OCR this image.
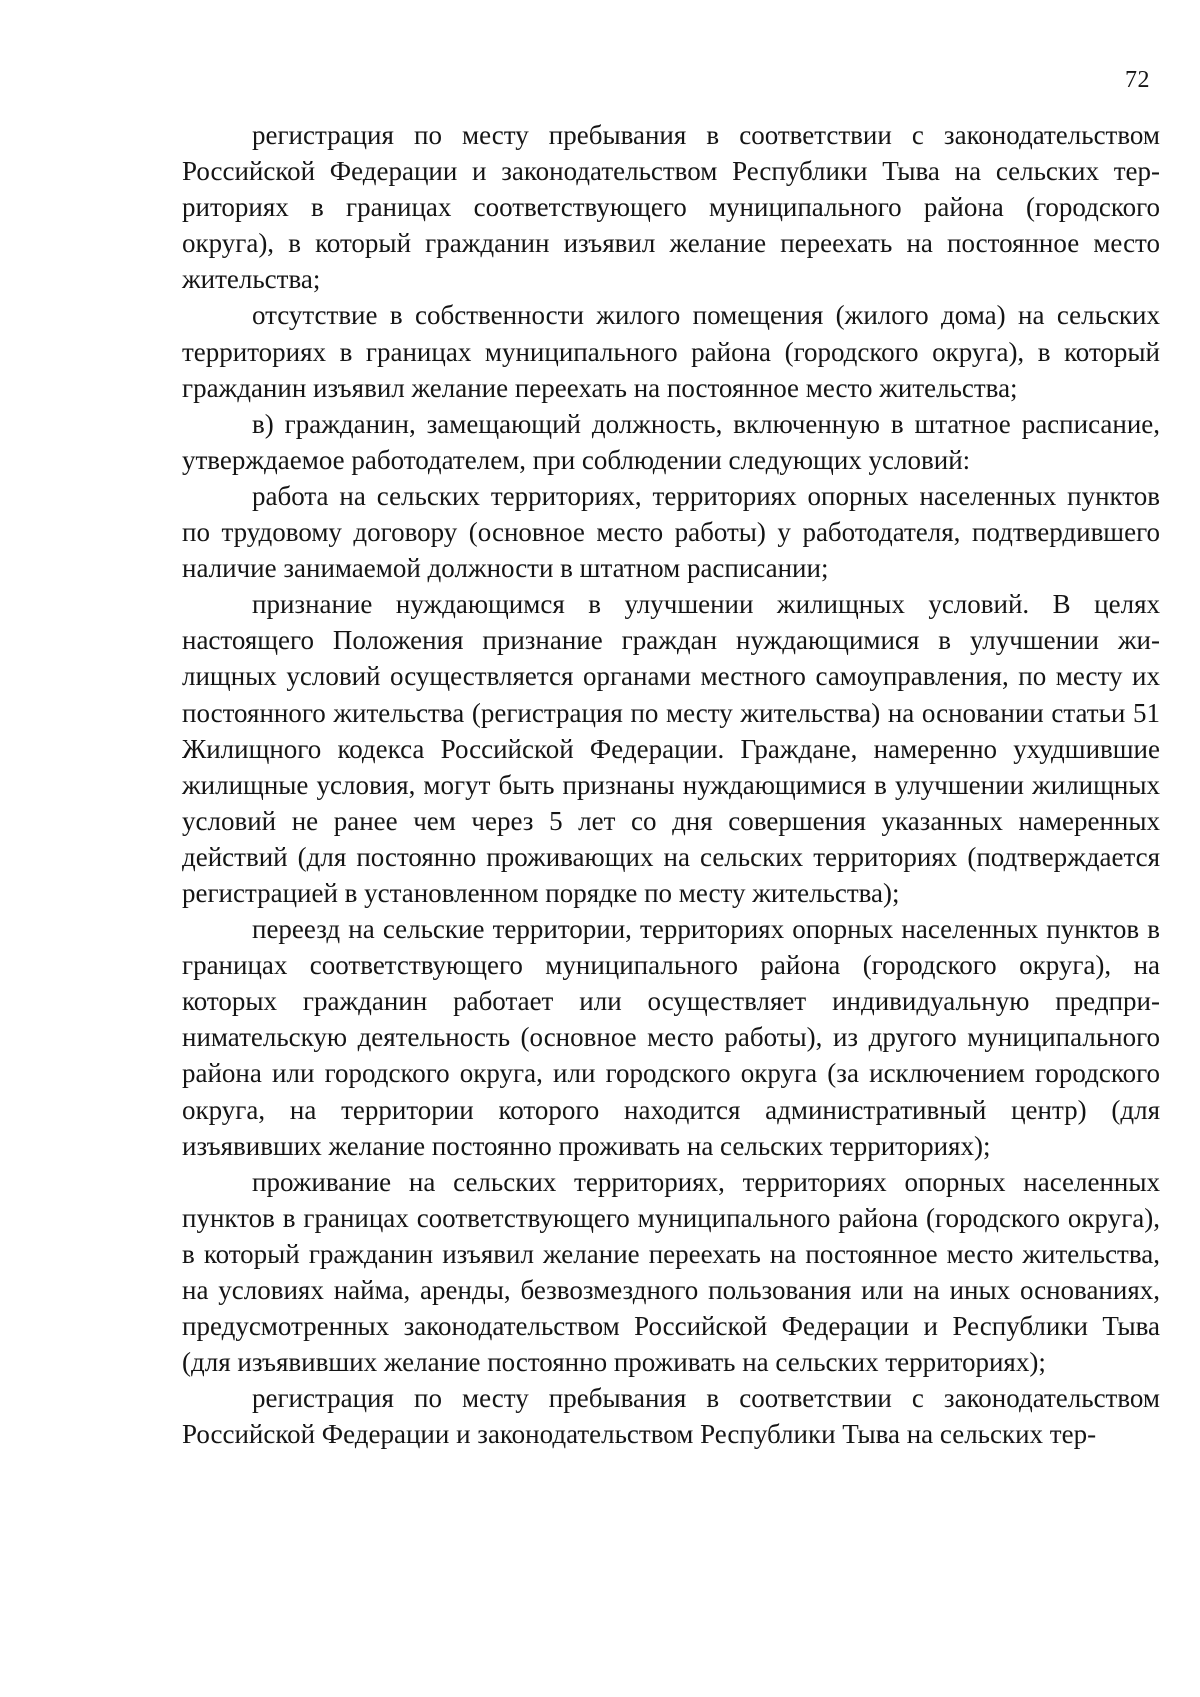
72

регистрация по месту пребывания в соответствии с законодательством Российской Федерации и законодательством Республики Тыва на сельских территориях в границах соответствующего муниципального района (городского округа), в который гражданин изъявил желание переехать на постоянное место жительства;

отсутствие в собственности жилого помещения (жилого дома) на сельских территориях в границах муниципального района (городского округа), в который гражданин изъявил желание переехать на постоянное место жительства;

в) гражданин, замещающий должность, включенную в штатное расписание, утверждаемое работодателем, при соблюдении следующих условий:

работа на сельских территориях, территориях опорных населенных пунктов по трудовому договору (основное место работы) у работодателя, подтвердившего наличие занимаемой должности в штатном расписании;

признание нуждающимся в улучшении жилищных условий. В целях настоящего Положения признание граждан нуждающимися в улучшении жилищных условий осуществляется органами местного самоуправления, по месту их постоянного жительства (регистрация по месту жительства) на основании статьи 51 Жилищного кодекса Российской Федерации. Граждане, намеренно ухудшившие жилищные условия, могут быть признаны нуждающимися в улучшении жилищных условий не ранее чем через 5 лет со дня совершения указанных намеренных действий (для постоянно проживающих на сельских территориях (подтверждается регистрацией в установленном порядке по месту жительства);

переезд на сельские территории, территориях опорных населенных пунктов в границах соответствующего муниципального района (городского округа), на которых гражданин работает или осуществляет индивидуальную предпринимательскую деятельность (основное место работы), из другого муниципального района или городского округа, или городского округа (за исключением городского округа, на территории которого находится административный центр) (для изъявивших желание постоянно проживать на сельских территориях);

проживание на сельских территориях, территориях опорных населенных пунктов в границах соответствующего муниципального района (городского округа), в который гражданин изъявил желание переехать на постоянное место жительства, на условиях найма, аренды, безвозмездного пользования или на иных основаниях, предусмотренных законодательством Российской Федерации и Республики Тыва (для изъявивших желание постоянно проживать на сельских территориях);

регистрация по месту пребывания в соответствии с законодательством Российской Федерации и законодательством Республики Тыва на сельских тер-
